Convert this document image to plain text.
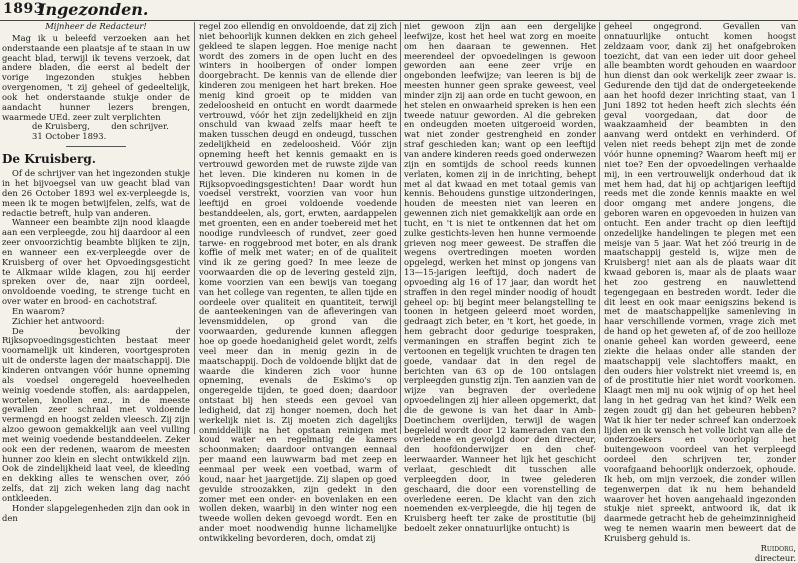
1893
Ingezonden.

Mijnheer de Redacteur!

Mag ik u beleefd verzoeken aan het onderstaande een plaatsje af te staan in uw geacht blad, terwijl ik tevens verzoek, dat andere bladen, die eerst al bedelt der vorige ingezonden stukjes hebben overgenomen, 't zij geheel of gedeeltelijk, ook het onderstaande stukje onder de aandacht hunner lezers brengen, waarmede UEd. zeer zult verplichten

de Kruisberg,	den schrijver.
31 October 1893.

De Kruisberg.

Of de schrijver van het ingezonden stukje in het bijvoegsel van uw geacht blad van den 26 October 1893 wel ex-verpleegde is, meen ik te mogen betwijfelen, zelfs, wat de redactie betreft, hulp van anderen.

Wanneer een beambte zijn nood klaagde aan een verpleegde, zou hij daardoor al een zeer onvoorzichtig beambte blijken te zijn, en wanneer een ex-verpleegde over de Kruisberg of over het Opvoedingsgesticht te Alkmaar wilde klagen, zou hij eerder spreken over de, naar zijn oordeel, onvoldoende voeding, te strenge tucht en over water en brood- en cachotstraf.

En waarom?

Zichier het antwoord:

De bevolking der Rijksopvoedingsgestichten bestaat meer voornamelijk uit kinderen, voortgesproten uit de onderste lagen der maatschappij. Die kinderen ontvangen vóór hunne opneming als voedsel ongeregeld hoeveelheden weinig voedende stoffen, als: aardappelen, wortelen, knollen enz., in de meeste gevallen zeer schraal met voldoende vermengd en hoogst zelden vleesch. Zij zijn alzoo gewoon gemakkelijk aan veel vulling met weinig voedende bestanddeelen. Zeker ook een der redenen, waarom de meesten hunner zoo klein en slecht ontwikkeld zijn. Ook de zindelijkheid laat veel, de kleeding en dekking alles te wenschen over, zóó zelfs, dat zij zich weken lang dag nacht ontkleeden.

Honder slapgelegenheden zijn dan ook in den

regel zoo ellendig en onvoldoende, dat zij zich niet behoorlijk kunnen dekken en zich geheel gekleed te slapen leggen. Hoe menige nacht wordt des zomers in de open lucht en des winters in hooibergen of onder lompen doorgebracht. De kennis van de ellende dier kinderen zou menigeen het hart breken. Hoe menig kind groeit op te midden van zedeloosheid en ontucht en wordt daarmede vertrouwd, vóór het zijn zedelijkheid en zijn onschuld van kwaad zelfs maar heeft te maken tusschen deugd en ondeugd, tusschen zedelijkheid en zedeloosheid. Vóór zijn opneming heeft het kennis gemaakt en is vertrouwd geworden met de ruwste zijde van het leven. Die kinderen nu komen in de Rijksopvoedingsgestichten! Daar wordt hun voedsel verstrekt, voorzien van voor hun leeftijd en groei voldoende voedende bestanddeelen, als, gort, erwten, aardappelen met groenten, een en ander toebereid met het noodige rundvleesch of rundvet, zeer goed tarwe- en roggebrood met boter, en als drank koffie of melk met water; en of de qualiteit vind ik ze gering goed? In mee leeze de voorwaarden die op de levering gesteld zijn, kome voorzien van een bewijs van toegang van het college van regenten, te allen tijde en oordeele over qualiteit en quantiteit, terwijl de aanteekeningen van de afleveringen van levensmiddelen, op grond van die voorwaarden, gedurende kunnen afleggen hoe op goede hoedanigheid gelet wordt, zelfs veel meer dan in menig gezin in de maatschappij. Doch de voldoende blijkt dat de waarde die kinderen zich voor hunne opneming, evenals de Eskimo's op ongeregelde tijden, te goed doen; daardoor ontstaat bij hen steeds een gevoel van ledigheid, dat zij honger noemen, doch het werkelijk niet is. Zij moeten zich dagelijks onmiddellijk na het opstaan reinigen met koud water en regelmatig de kamers schoonmaken; daardoor ontvangen eennaal per maand een lauwwarm bad met zeep en eenmaal per week een voetbad, warm of koud, naar het jaargetijde. Zij slapen op goed gevulde stroozakken, zijn gedekt in den zomer met een onder- en bovenlaken en een wollen deken, waarbij in den winter nog een tweede wollen deken gevoegd wordt. Een en ander moet noodwendig hunne lichamelijke ontwikkeling bevorderen, doch, omdat zij

niet gewoon zijn aan een dergelijke leefwijze, kost het heel wat zorg en moeite om hen daaraan te gewennen. Het meerendeel der opvoedelingen is gewoon geworden aan eene zeer vrije en ongebonden leefwijze; van leeren is bij de meesten hunner geen sprake geweest, veel minder zijn zij aan orde en tucht gewoon, en het stelen en onwaarheid spreken is hen een tweede natuur geworden. Al die gebreken en ondeugden moeten uitgeroeid worden, wat niet zonder gestrengheid en zonder straf geschieden kan; want op een leeftijd van andere kinderen reeds goed onderwezen zijn en somtijds de school reeds kunnen verlaten, komen zij in de inrichting, behept met al dat kwaad en met totaal gemis van kennis. Behoudens gunstige uitzonderingen, houden de meesten niet van leeren en gewennen zich niet gemakkelijk aan orde en tucht, en 't is niet te ontkennen dat het om zulke gestichts-leven hen hunne vermoende grieven nog meer geweest. De straffen die wegens overtredingen moeten worden opgelegd, werken het minst op jongens van 13—15-jarigen leeftijd, doch nadert de opvoeding alg 16 of 17 jaar, dan wordt het straffen in den regel minder noodig of houdt geheel op: bij begint meer belangstelling te toonen in hetgeen geleerd moet worden, gedraagt zich beter, en 't kort, het goede, in hem gebracht door gedurige toespraken, vermaningen en straffen begint zich te vertoonen en tegelijk vruchten te dragen ten goede, vandaar dat in den regel de berichten van 63 op de 100 ontslagen verpleegden gunstig zijn. Ten aanzien van de wijze van begraven der overledene opvoedelingen zij hier alleen opgemerkt, dat die de gewone is van het daar in Amb-Doetinchem overlijden, terwijl de wagen begeleid wordt door 12 kameraden van den overledene en gevolgd door den directeur, den hoofdonderwijzer en den chef-leerwaarder. Wanneer het lijk het geschicht verlaat, geschiedt dit tusschen alle verpleegden door, in twee gelederen geschaard, die door een vorenstelling de overledene eeren. De klacht van den zich noemenden ex-verpleegde, die hij tegen de Kruisberg heeft ter zake de prostitutie (bij bedoelt zeker onnatuurlijke ontucht) is

geheel ongegrond. Gevallen van onnatuurlijke ontucht komen hoogst zeldzaam voor, dank zij het onafgebroken toezicht, dat van een ieder uit door geheel alle beambten wordt gehouden en waardoor hun dienst dan ook werkelijk zeer zwaar is. Gedurende den tijd dat de ondergeteekende aan het hoofd dezer inrichting staat, van 1 Juni 1892 tot heden heeft zich slechts één geval voorgedaan, dat door de waakzaamheid der beambten in den aanvang werd ontdekt en verhinderd. Of velen niet reeds behept zijn met de zonde vóór hunne opneming? Waarom heeft mij er niet toe? Een der opvoedelingen verhaalde mij, in een vertrouwelijk onderhoud dat ik met hem had, dat hij op achtjarigen leeftijd reeds met die zonde kennis maakte en wel door omgang met andere jongens, die geboren waren en opgevoeden in huizen van ontucht. Een ander tracht op dien leeftijd onzedelijke handelingen te plegen met een meisje van 5 jaar. Wat het zóó treurig in de maatschappij gesteld is, wijze men de Kruisberg! niet aan als de plaats waar dit kwaad geboren is, maar als de plaats waar het zoo gestreng en nauwlettend tegengegaan en bestreden wordt. Ieder die dit leest en ook maar eenigszins bekend is met de maatschappelijke samenleving in haar verschillende vormen, vrage zich met de hand op het geweten af, of de zoo heilloze onanie geheel kan worden geweerd, eene ziekte die helaas onder alle standen der maatschappij vele slachtoffers maakt, en den ouders hier volstrekt niet vreemd is, en of de prostitutie hier niet wordt voorkomen. Klaagt men mij nu ook wijnig of op het heel lang in het gedrag van het kind? Welk een zegen zoudt gij dan het gebeuren hebben? Wat ik hier ter neder schreef kan onderzoek lijden en ik wensch het volle licht van alle de onderzoekers en voorlopig het buitengewoon voordeel van het verpleegd oordeel den schrijven ter, zonder voorafgaand behoorlijk onderzoek, ophoude. Ik heb, om mijn verzoek, die zonder willen tegenwerpen dat ik nu hem behandeld waarover het hoven aangehaald ingezonden stukje niet spreekt, antwoord ik, dat ik daarmede getracht heb de geheimzinnigheid weg te nemen waarin men beweert dat de Kruisberg gehuld is.

Ruidorg,

directeur.
